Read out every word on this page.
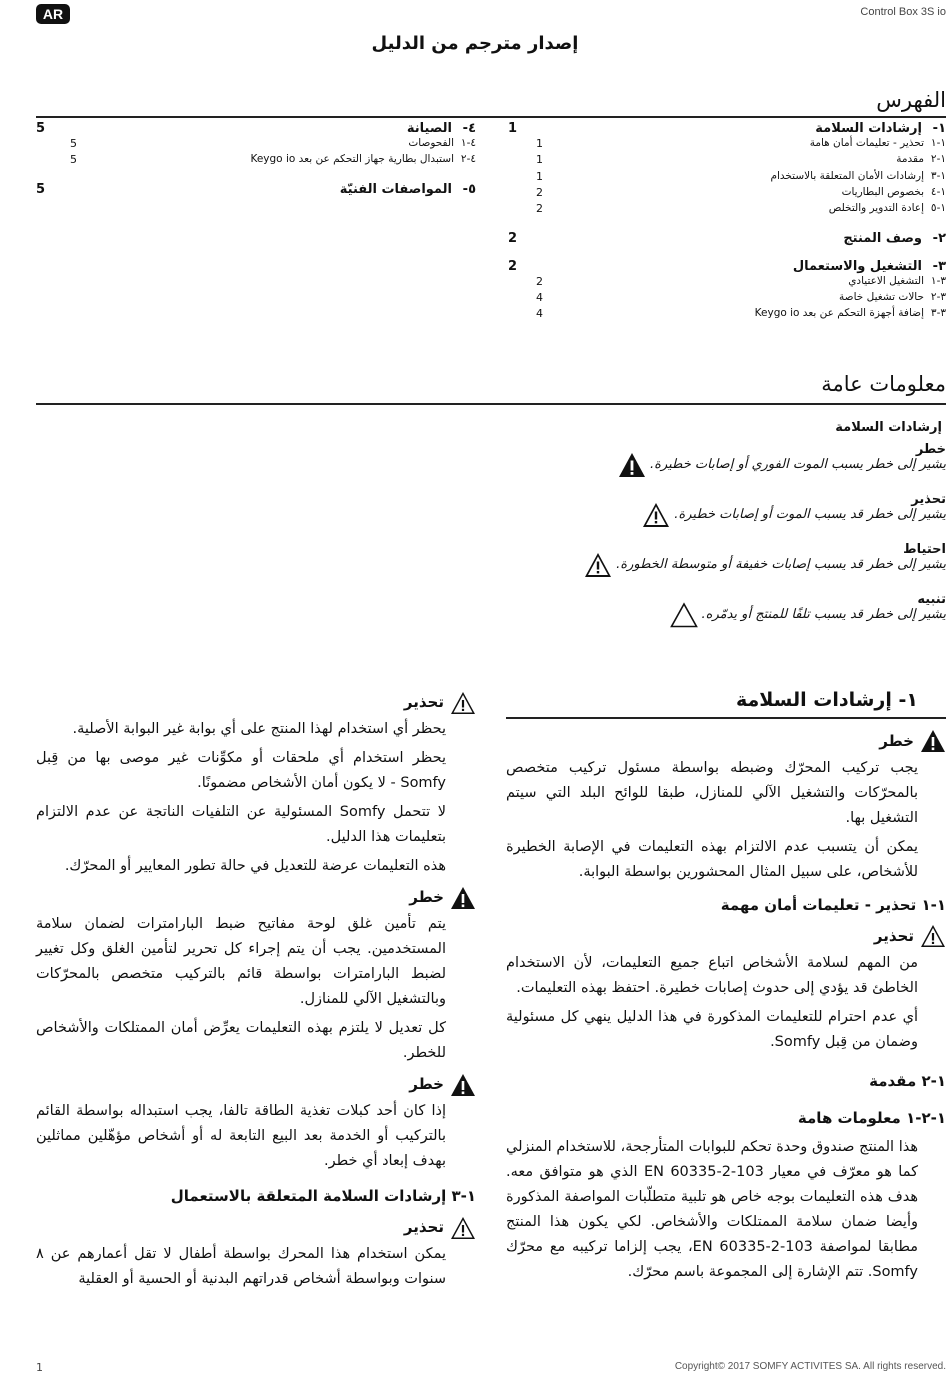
AR	Control Box 3S io
إصدار مترجم من الدليل
الفهرس
١-
إرشادات السلامة
1
١-١
تحذير - تعليمات أمان هامة
1
١-٢
مقدمة
1
١-٣
إرشادات الأمان المتعلقة بالاستخدام
1
١-٤
بخصوص البطاريات
2
١-٥
إعادة التدوير والتخلص
2
٢-
وصف المنتج
2
٣-
التشغيل والاستعمال
2
٣-١
التشغيل الاعتيادي
2
٣-٢
حالات تشغيل خاصة
4
٣-٣
إضافة أجهزة التحكم عن بعد Keygo io
4
٤-
الصيانة
5
٤-١
الفحوصات
5
٤-٢
استبدال بطارية جهاز التحكم عن بعد Keygo io
5
٥-
المواصفات الفنيّة
5
معلومات عامة
إرشادات السلامة
خطر
يشير إلى خطر يسبب الموت الفوري أو إصابات خطيرة.
تحذير
يشير إلى خطر قد يسبب الموت أو إصابات خطيرة.
احتياط
يشير إلى خطر قد يسبب إصابات خفيفة أو متوسطة الخطورة.
تنبيه
يشير إلى خطر قد يسبب تلفًا للمنتج أو يدمّره.
١- إرشادات السلامة
خطر

يجب تركيب المحرّك وضبطه بواسطة مسئول تركيب متخصص بالمحرّكات والتشغيل الآلي للمنازل، طبقا للوائح البلد التي سيتم التشغيل بها.

يمكن أن يتسبب عدم الالتزام بهذه التعليمات في الإصابة الخطيرة للأشخاص، على سبيل المثال المحشورين بواسطة البوابة.

١-١ تحذير - تعليمات أمان مهمة
تحذير

من المهم لسلامة الأشخاص اتباع جميع التعليمات، لأن الاستخدام الخاطئ قد يؤدي إلى حدوث إصابات خطيرة. احتفظ بهذه التعليمات.

أي عدم احترام للتعليمات المذكورة في هذا الدليل ينهي كل مسئولية وضمان من قِبل Somfy.

١-٢ مقدمة
١-٢-١ معلومات هامة

هذا المنتج صندوق وحدة تحكم للبوابات المتأرجحة، للاستخدام المنزلي كما هو معرّف في معيار EN 60335-2-103 الذي هو متوافق معه. هدف هذه التعليمات بوجه خاص هو تلبية متطلّبات المواصفة المذكورة وأيضا ضمان سلامة الممتلكات والأشخاص. لكي يكون هذا المنتج مطابقا لمواصفة EN 60335-2-103، يجب إلزاما تركيبه مع محرّك Somfy. تتم الإشارة إلى المجموعة باسم محرّك.

تحذير

يحظر أي استخدام لهذا المنتج على أي بوابة غير البوابة الأصلية.

يحظر استخدام أي ملحقات أو مكوِّنات غير موصى بها من قِبل Somfy - لا يكون أمان الأشخاص مضمونًا.

لا تتحمل Somfy المسئولية عن التلفيات الناتجة عن عدم الالتزام بتعليمات هذا الدليل.

هذه التعليمات عرضة للتعديل في حالة تطور المعايير أو المحرّك.

خطر

يتم تأمين غلق لوحة مفاتيح ضبط البارامترات لضمان سلامة المستخدمين. يجب أن يتم إجراء كل تحرير لتأمين الغلق وكل تغيير لضبط البارامترات بواسطة قائم بالتركيب متخصص بالمحرّكات وبالتشغيل الآلي للمنازل.

كل تعديل لا يلتزم بهذه التعليمات يعرِّض أمان الممتلكات والأشخاص للخطر.

خطر

إذا كان أحد كبلات تغذية الطاقة تالفا، يجب استبداله بواسطة القائم بالتركيب أو الخدمة بعد البيع التابعة له أو أشخاص مؤهّلين مماثلين بهدف إبعاد أي خطر.

١-٣ إرشادات السلامة المتعلقة بالاستعمال
تحذير

يمكن استخدام هذا المحرك بواسطة أطفال لا تقل أعمارهم عن ٨ سنوات وبواسطة أشخاص قدراتهم البدنية أو الحسية أو العقلية

1	Copyright© 2017 SOMFY ACTIVITES SA. All rights reserved.
